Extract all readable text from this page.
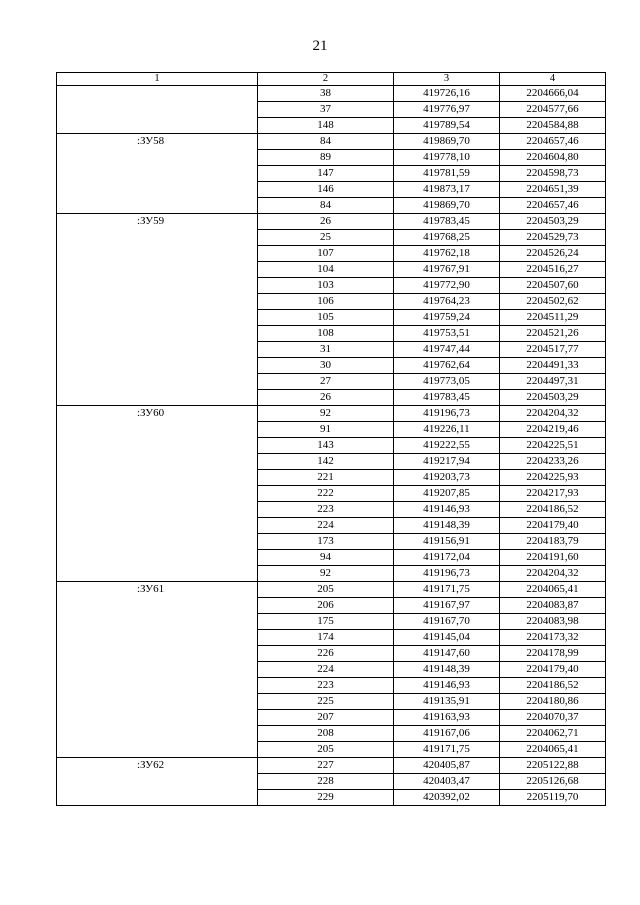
21
1	2	3	4
	38	419726,16	2204666,04
	37	419776,97	2204577,66
	148	419789,54	2204584,88
:ЗУ58	84	419869,70	2204657,46
	89	419778,10	2204604,80
	147	419781,59	2204598,73
	146	419873,17	2204651,39
	84	419869,70	2204657,46
:ЗУ59	26	419783,45	2204503,29
	25	419768,25	2204529,73
	107	419762,18	2204526,24
	104	419767,91	2204516,27
	103	419772,90	2204507,60
	106	419764,23	2204502,62
	105	419759,24	2204511,29
	108	419753,51	2204521,26
	31	419747,44	2204517,77
	30	419762,64	2204491,33
	27	419773,05	2204497,31
	26	419783,45	2204503,29
:ЗУ60	92	419196,73	2204204,32
	91	419226,11	2204219,46
	143	419222,55	2204225,51
	142	419217,94	2204233,26
	221	419203,73	2204225,93
	222	419207,85	2204217,93
	223	419146,93	2204186,52
	224	419148,39	2204179,40
	173	419156,91	2204183,79
	94	419172,04	2204191,60
	92	419196,73	2204204,32
:ЗУ61	205	419171,75	2204065,41
	206	419167,97	2204083,87
	175	419167,70	2204083,98
	174	419145,04	2204173,32
	226	419147,60	2204178,99
	224	419148,39	2204179,40
	223	419146,93	2204186,52
	225	419135,91	2204180,86
	207	419163,93	2204070,37
	208	419167,06	2204062,71
	205	419171,75	2204065,41
:ЗУ62	227	420405,87	2205122,88
	228	420403,47	2205126,68
	229	420392,02	2205119,70
